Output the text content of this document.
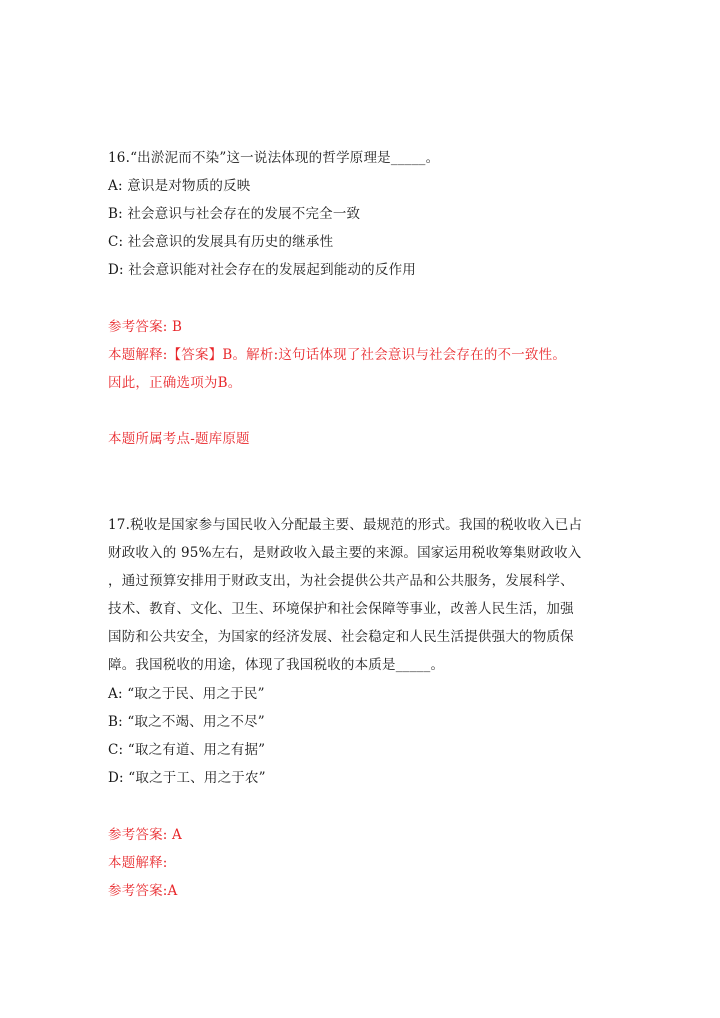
16.“出淤泥而不染”这一说法体现的哲学原理是_____。
A: 意识是对物质的反映
B: 社会意识与社会存在的发展不完全一致
C: 社会意识的发展具有历史的继承性
D: 社会意识能对社会存在的发展起到能动的反作用
参考答案: B
本题解释:【答案】B。解析:这句话体现了社会意识与社会存在的不一致性。
因此，正确选项为B。
本题所属考点-题库原题
17.税收是国家参与国民收入分配最主要、最规范的形式。我国的税收收入已占
财政收入的 95%左右，是财政收入最主要的来源。国家运用税收筹集财政收入
，通过预算安排用于财政支出，为社会提供公共产品和公共服务，发展科学、
技术、教育、文化、卫生、环境保护和社会保障等事业，改善人民生活，加强
国防和公共安全，为国家的经济发展、社会稳定和人民生活提供强大的物质保
障。我国税收的用途，体现了我国税收的本质是_____。
A: “取之于民、用之于民”
B: “取之不竭、用之不尽”
C: “取之有道、用之有据”
D: “取之于工、用之于农”
参考答案: A
本题解释:
参考答案:A
